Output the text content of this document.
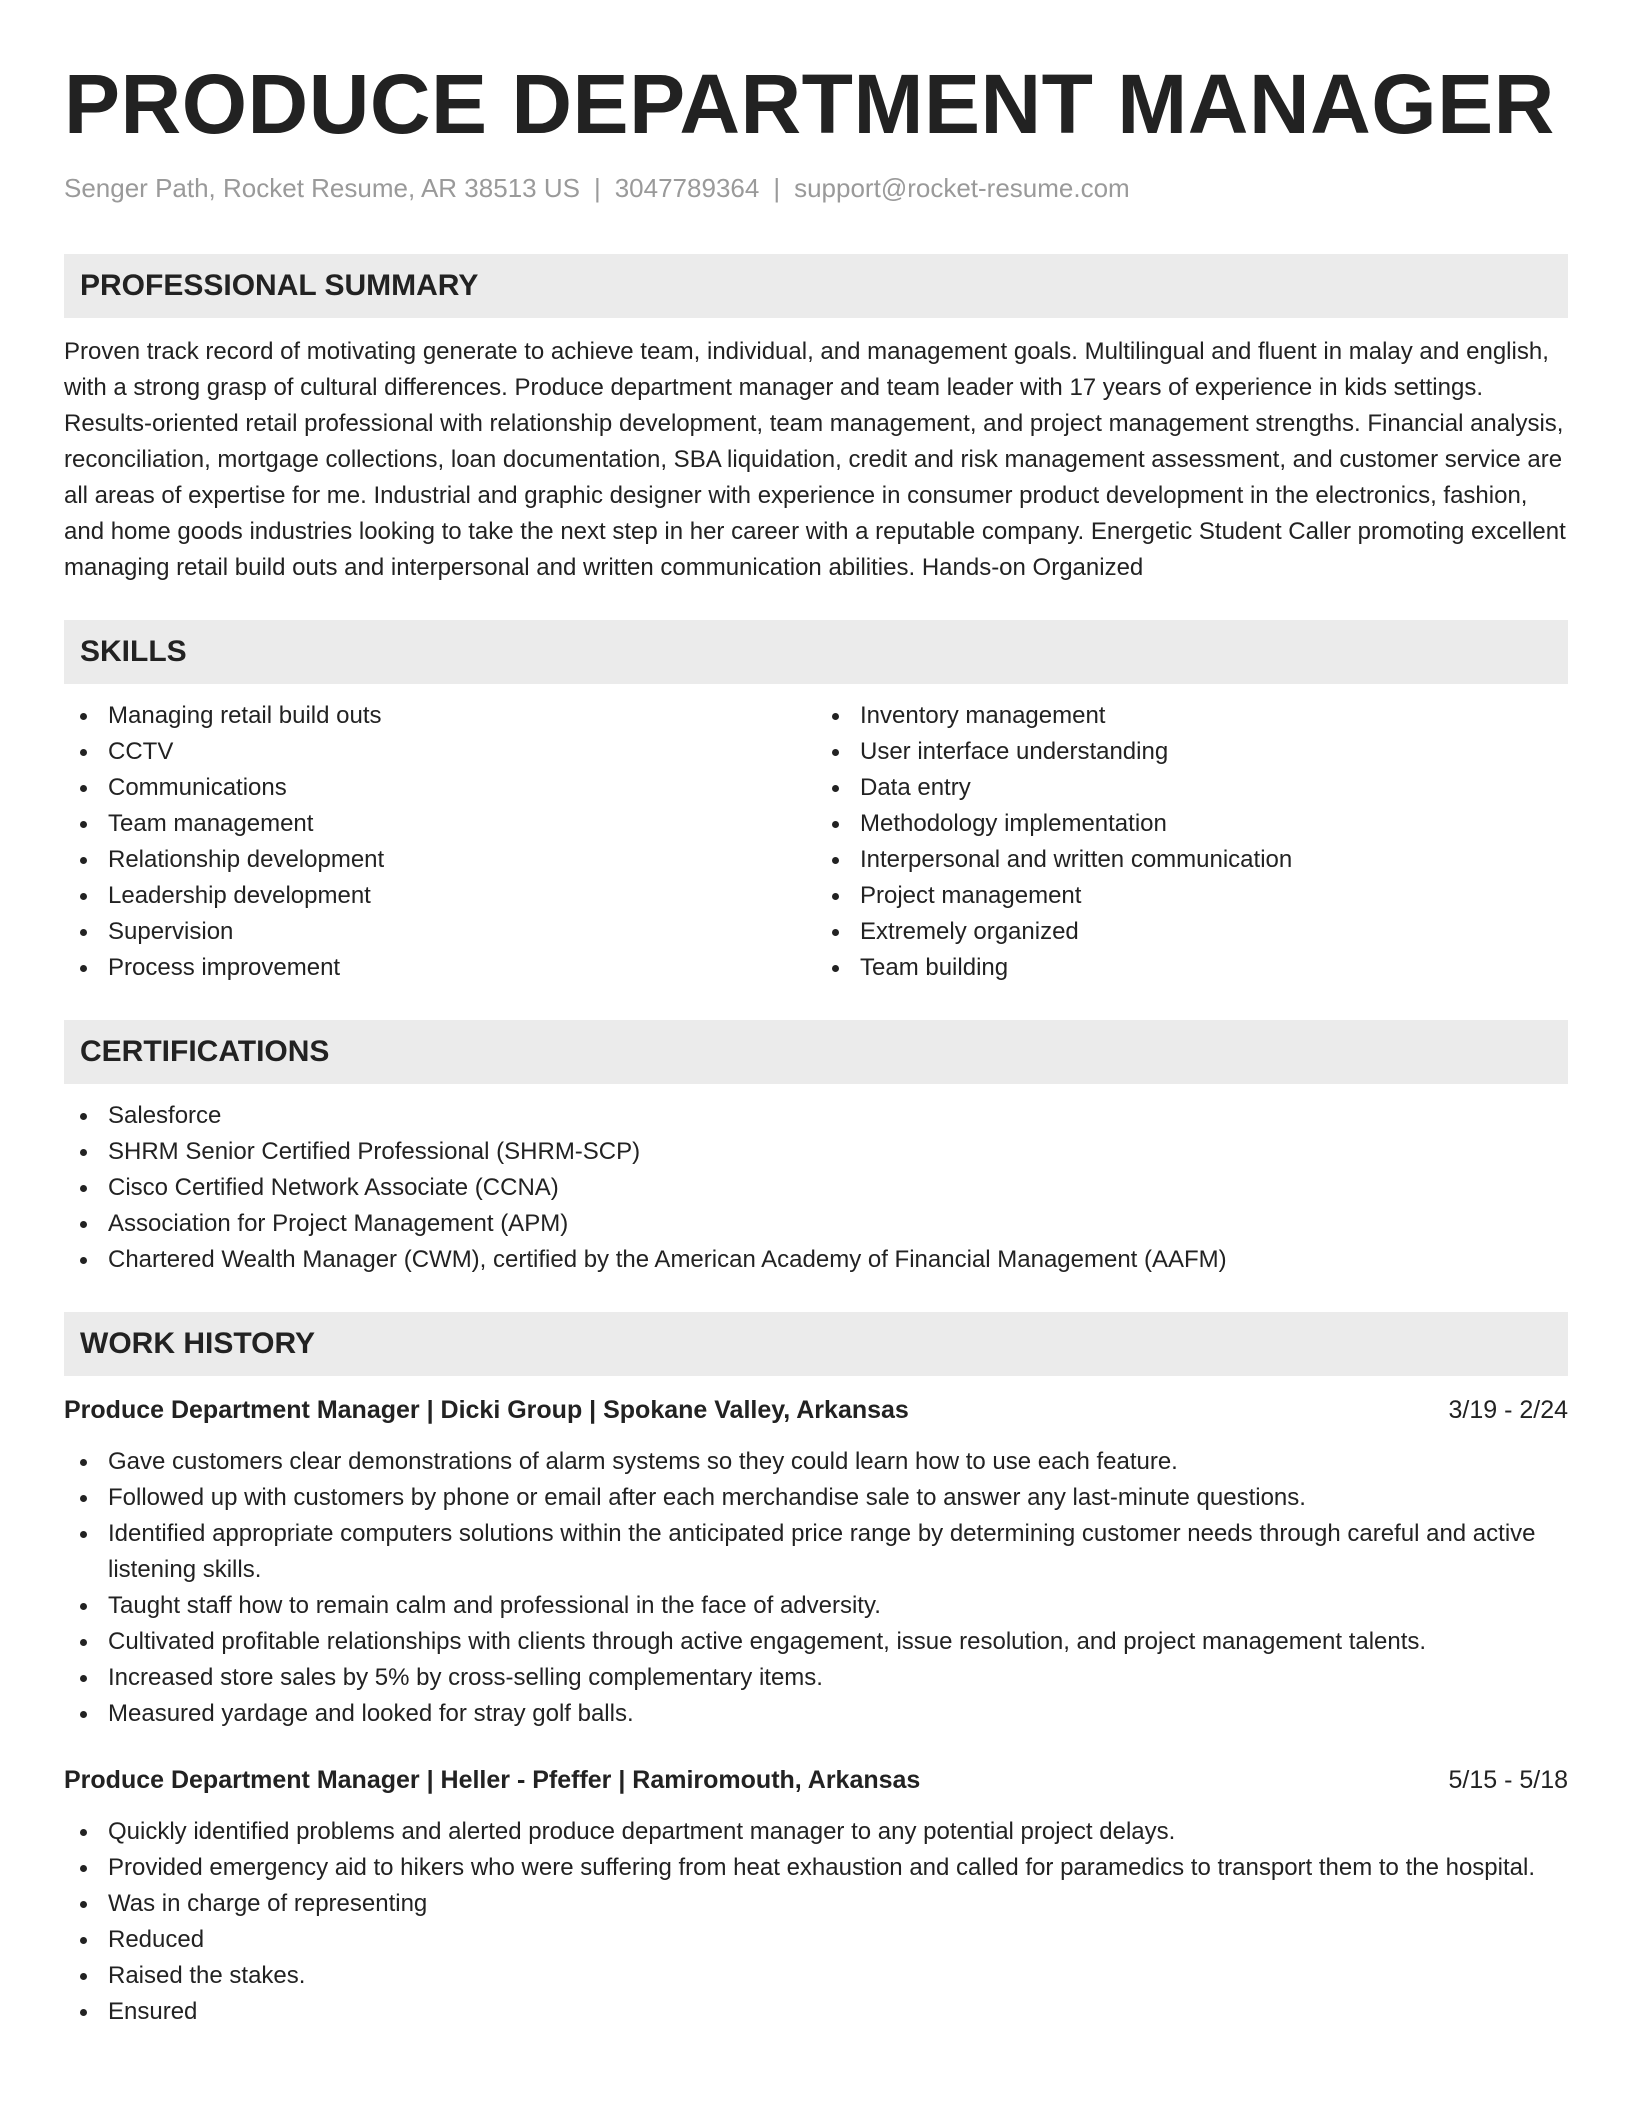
PRODUCE DEPARTMENT MANAGER
Senger Path, Rocket Resume, AR 38513 US | 3047789364 | support@rocket-resume.com
PROFESSIONAL SUMMARY

Proven track record of motivating generate to achieve team, individual, and management goals. Multilingual and fluent in malay and english, with a strong grasp of cultural differences. Produce department manager and team leader with 17 years of experience in kids settings. Results-oriented retail professional with relationship development, team management, and project management strengths. Financial analysis, reconciliation, mortgage collections, loan documentation, SBA liquidation, credit and risk management assessment, and customer service are all areas of expertise for me. Industrial and graphic designer with experience in consumer product development in the electronics, fashion, and home goods industries looking to take the next step in her career with a reputable company. Energetic Student Caller promoting excellent managing retail build outs and interpersonal and written communication abilities. Hands-on Organized

SKILLS
Managing retail build outs
CCTV
Communications
Team management
Relationship development
Leadership development
Supervision
Process improvement
Inventory management
User interface understanding
Data entry
Methodology implementation
Interpersonal and written communication
Project management
Extremely organized
Team building
CERTIFICATIONS
Salesforce
SHRM Senior Certified Professional (SHRM-SCP)
Cisco Certified Network Associate (CCNA)
Association for Project Management (APM)
Chartered Wealth Manager (CWM), certified by the American Academy of Financial Management (AAFM)
WORK HISTORY
Produce Department Manager | Dicki Group | Spokane Valley, Arkansas	3/19 - 2/24
Gave customers clear demonstrations of alarm systems so they could learn how to use each feature.
Followed up with customers by phone or email after each merchandise sale to answer any last-minute questions.
Identified appropriate computers solutions within the anticipated price range by determining customer needs through careful and active listening skills.
Taught staff how to remain calm and professional in the face of adversity.
Cultivated profitable relationships with clients through active engagement, issue resolution, and project management talents.
Increased store sales by 5% by cross-selling complementary items.
Measured yardage and looked for stray golf balls.
Produce Department Manager | Heller - Pfeffer | Ramiromouth, Arkansas	5/15 - 5/18
Quickly identified problems and alerted produce department manager to any potential project delays.
Provided emergency aid to hikers who were suffering from heat exhaustion and called for paramedics to transport them to the hospital.
Was in charge of representing
Reduced
Raised the stakes.
Ensured
